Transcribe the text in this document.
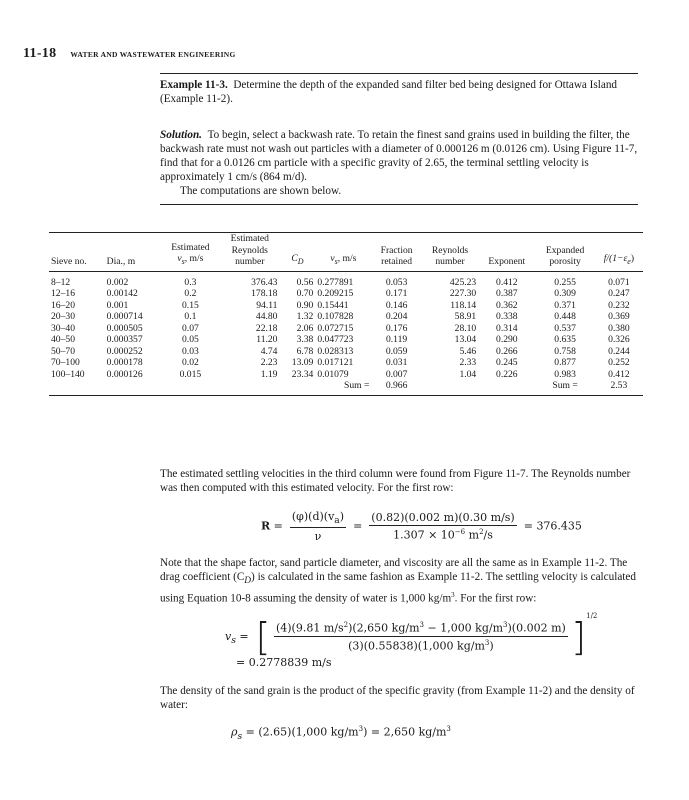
11-18 WATER AND WASTEWATER ENGINEERING
Example 11-3. Determine the depth of the expanded sand filter bed being designed for Ottawa Island (Example 11-2).
Solution. To begin, select a backwash rate. To retain the finest sand grains used in building the filter, the backwash rate must not wash out particles with a diameter of 0.000126 m (0.0126 cm). Using Figure 11-7, find that for a 0.0126 cm particle with a specific gravity of 2.65, the terminal settling velocity is approximately 1 cm/s (864 m/d).
The computations are shown below.
Sieve no.	Dia., m	Estimated
$v_s$, m/s	Estimated
Reynolds
number	$C_D$	$v_s$, m/s	Fraction
retained	Reynolds
number	Exponent	Expanded
porosity	$f/(1-\varepsilon_e)$
8–12	0.002	0.3	376.43	0.56	0.277891	0.053	425.23	0.412	0.255	0.071
12–16	0.00142	0.2	178.18	0.70	0.209215	0.171	227.30	0.387	0.309	0.247
16–20	0.001	0.15	94.11	0.90	0.15441	0.146	118.14	0.362	0.371	0.232
20–30	0.000714	0.1	44.80	1.32	0.107828	0.204	58.91	0.338	0.448	0.369
30–40	0.000505	0.07	22.18	2.06	0.072715	0.176	28.10	0.314	0.537	0.380
40–50	0.000357	0.05	11.20	3.38	0.047723	0.119	13.04	0.290	0.635	0.326
50–70	0.000252	0.03	4.74	6.78	0.028313	0.059	5.46	0.266	0.758	0.244
70–100	0.000178	0.02	2.23	13.09	0.017121	0.031	2.33	0.245	0.877	0.252
100–140	0.000126	0.015	1.19	23.34	0.01079	0.007	1.04	0.226	0.983	0.412
					Sum =	0.966			Sum =	2.53
The estimated settling velocities in the third column were found from Figure 11-7. The Reynolds number was then computed with this estimated velocity. For the first row:
$R = \frac{(\varphi)(d)(v_a)}{\nu} = \frac{(0.82)(0.002 m)(0.30 m/s)}{1.307 \times 10^{-6} m^2/s} = 376.435$
Note that the shape factor, sand particle diameter, and viscosity are all the same as in Example 11-2. The drag coefficient $(C_D)$ is calculated in the same fashion as Example 11-2. The settling velocity is calculated using Equation 10-8 assuming the density of water is 1,000 $kg/m^3$. For the first row:
$v_s$ = [ $\frac{(4)(9.81 m/s^2)(2,650 kg/m^3 - 1,000 kg/m^3)(0.002 m)}{(3)(0.55838)(1,000 kg/m^3)} ]^{1/2}$
= 0.2778839 m/s
The density of the sand grain is the product of the specific gravity (from Example 11-2) and the density of water:
$\rho_s = (2.65)(1,000$ $kg/m^3) = 2,650$ $kg/m^3$
